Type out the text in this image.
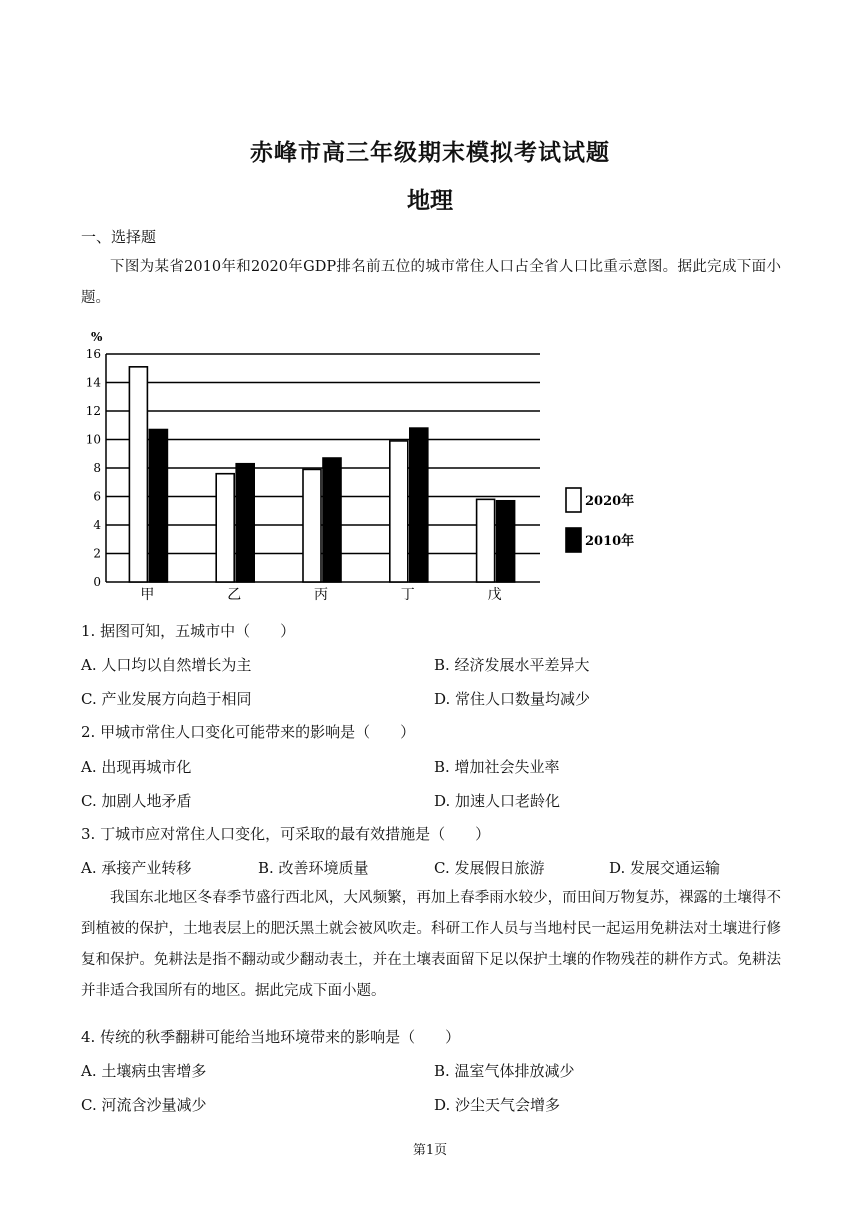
赤峰市高三年级期末模拟考试试题
地理
一、选择题
下图为某省2010年和2020年GDP排名前五位的城市常住人口占全省人口比重示意图。据此完成下面小题。
0
2
4
6
8
10
12
14
16
%
甲	乙	丙	丁	戊
2020年
2010年
1. 据图可知，五城市中（　　）
A. 人口均以自然增长为主	B. 经济发展水平差异大
C. 产业发展方向趋于相同	D. 常住人口数量均减少
2. 甲城市常住人口变化可能带来的影响是（　　）
A. 出现再城市化	B. 增加社会失业率
C. 加剧人地矛盾	D. 加速人口老龄化
3. 丁城市应对常住人口变化，可采取的最有效措施是（　　）
A. 承接产业转移	B. 改善环境质量	C. 发展假日旅游	D. 发展交通运输
我国东北地区冬春季节盛行西北风，大风频繁，再加上春季雨水较少，而田间万物复苏，裸露的土壤得不到植被的保护，土地表层上的肥沃黑土就会被风吹走。科研工作人员与当地村民一起运用免耕法对土壤进行修复和保护。免耕法是指不翻动或少翻动表土，并在土壤表面留下足以保护土壤的作物残茬的耕作方式。免耕法并非适合我国所有的地区。据此完成下面小题。
4. 传统的秋季翻耕可能给当地环境带来的影响是（　　）
A. 土壤病虫害增多	B. 温室气体排放减少
C. 河流含沙量减少	D. 沙尘天气会增多
第1页
